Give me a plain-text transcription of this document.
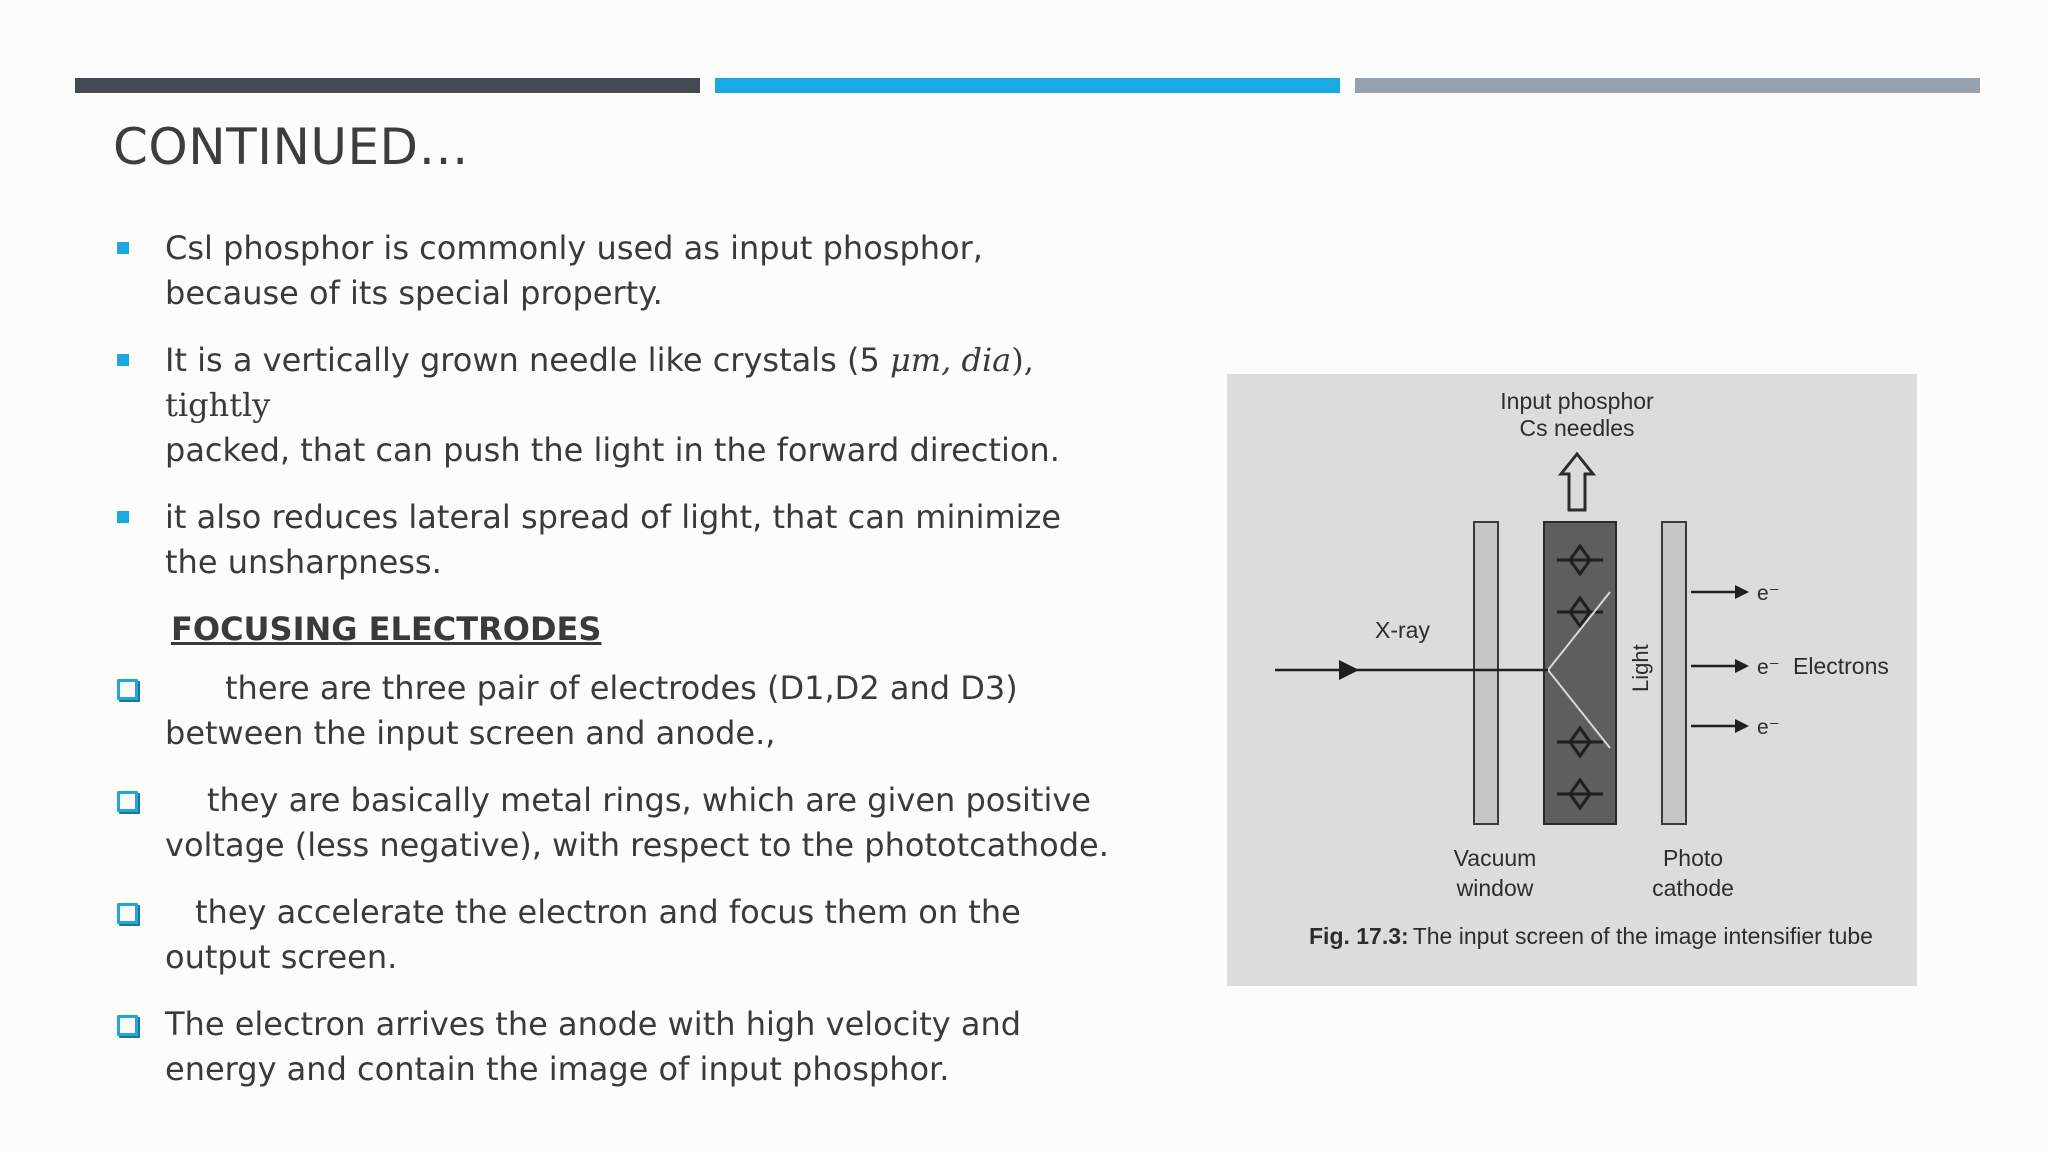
CONTINUED…
Csl phosphor is commonly used as input phosphor, because of its special property.
It is a vertically grown needle like crystals (5 μm, dia), tightly
packed, that can push the light in the forward direction.
it also reduces lateral spread of light, that can minimize the unsharpness.
FOCUSING ELECTRODES
there are three pair of electrodes (D1,D2 and D3) between the input screen and anode.,
they are basically metal rings, which are given positive voltage (less negative), with respect to the phototcathode.
they accelerate the electron and focus them on the output screen.
The electron arrives the anode with high velocity and energy and contain the image of input phosphor.
Input phosphor
Cs needles
X-ray
Light
e⁻
e⁻
e⁻
Electrons
Vacuum
window
Photo
cathode
Fig. 17.3: The input screen of the image intensifier tube
